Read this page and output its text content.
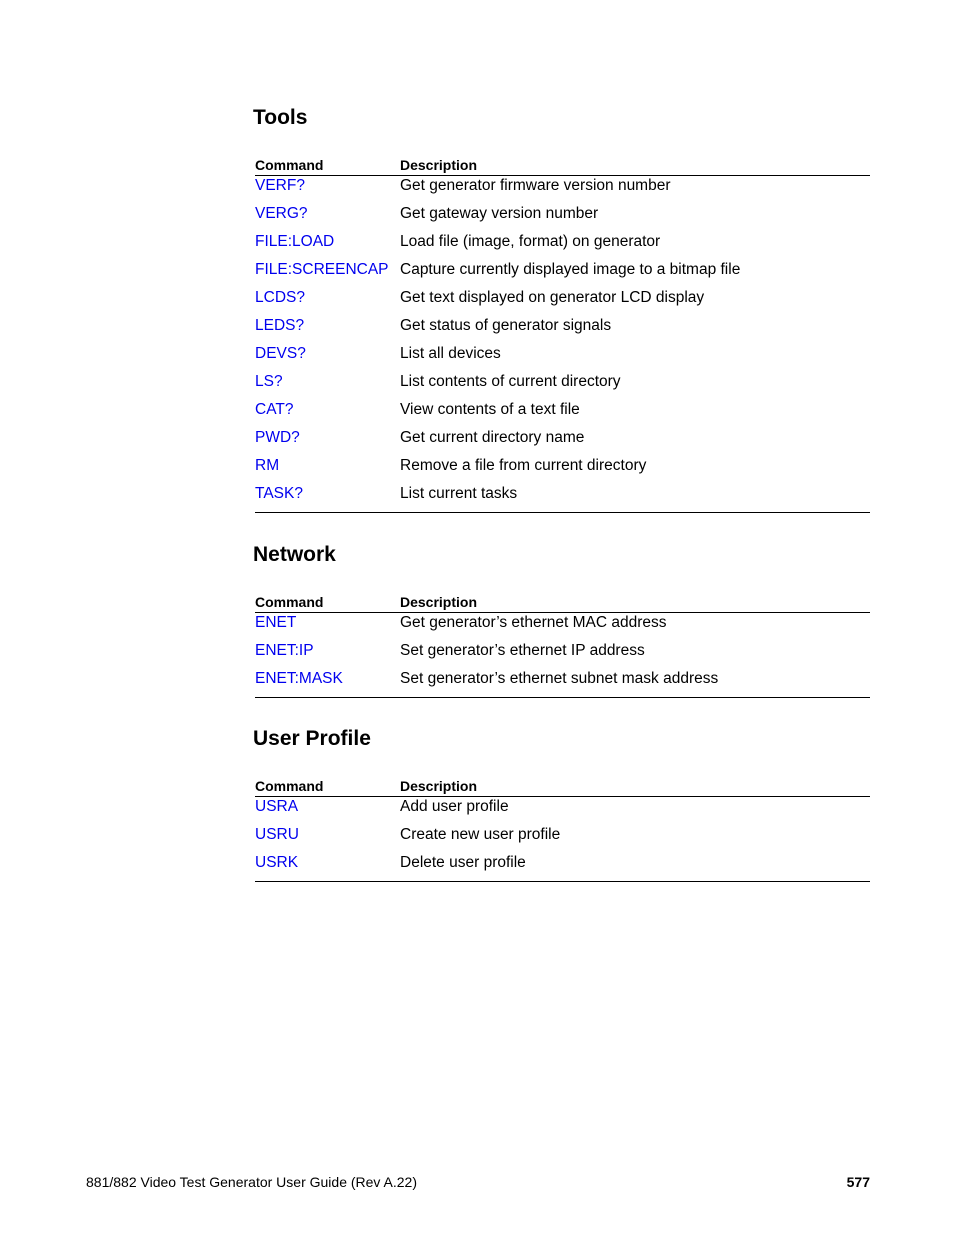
Tools
Command	Description
VERF?	Get generator firmware version number
VERG?	Get gateway version number
FILE:LOAD	Load file (image, format) on generator
FILE:SCREENCAP	Capture currently displayed image to a bitmap file
LCDS?	Get text displayed on generator LCD display
LEDS?	Get status of generator signals
DEVS?	List all devices
LS?	List contents of current directory
CAT?	View contents of a text file
PWD?	Get current directory name
RM	Remove a file from current directory
TASK?	List current tasks
Network
Command	Description
ENET	Get generator’s ethernet MAC address
ENET:IP	Set generator’s ethernet IP address
ENET:MASK	Set generator’s ethernet subnet mask address
User Profile
Command	Description
USRA	Add user profile
USRU	Create new user profile
USRK	Delete user profile
881/882 Video Test Generator User Guide (Rev A.22)	577
